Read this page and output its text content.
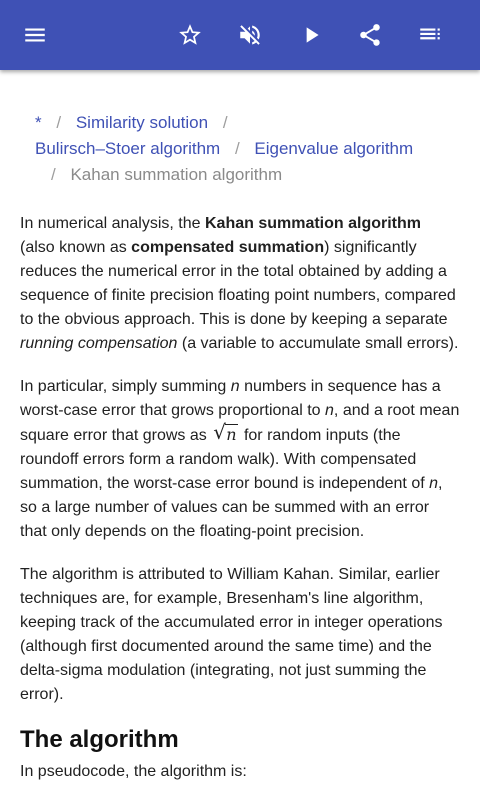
* / Similarity solution /
Bulirsch–Stoer algorithm / Eigenvalue algorithm
/ Kahan summation algorithm

In numerical analysis, the Kahan summation algorithm (also known as compensated summation) significantly reduces the numerical error in the total obtained by adding a sequence of finite precision floating point numbers, compared to the obvious approach. This is done by keeping a separate running compensation (a variable to accumulate small errors).

In particular, simply summing n numbers in sequence has a worst-case error that grows proportional to n, and a root mean square error that grows as √ n for random inputs (the roundoff errors form a random walk). With compensated summation, the worst-case error bound is independent of n, so a large number of values can be summed with an error that only depends on the floating-point precision.

The algorithm is attributed to William Kahan. Similar, earlier techniques are, for example, Bresenham's line algorithm, keeping track of the accumulated error in integer operations (although first documented around the same time) and the delta-sigma modulation (integrating, not just summing the error).

The algorithm

In pseudocode, the algorithm is:
